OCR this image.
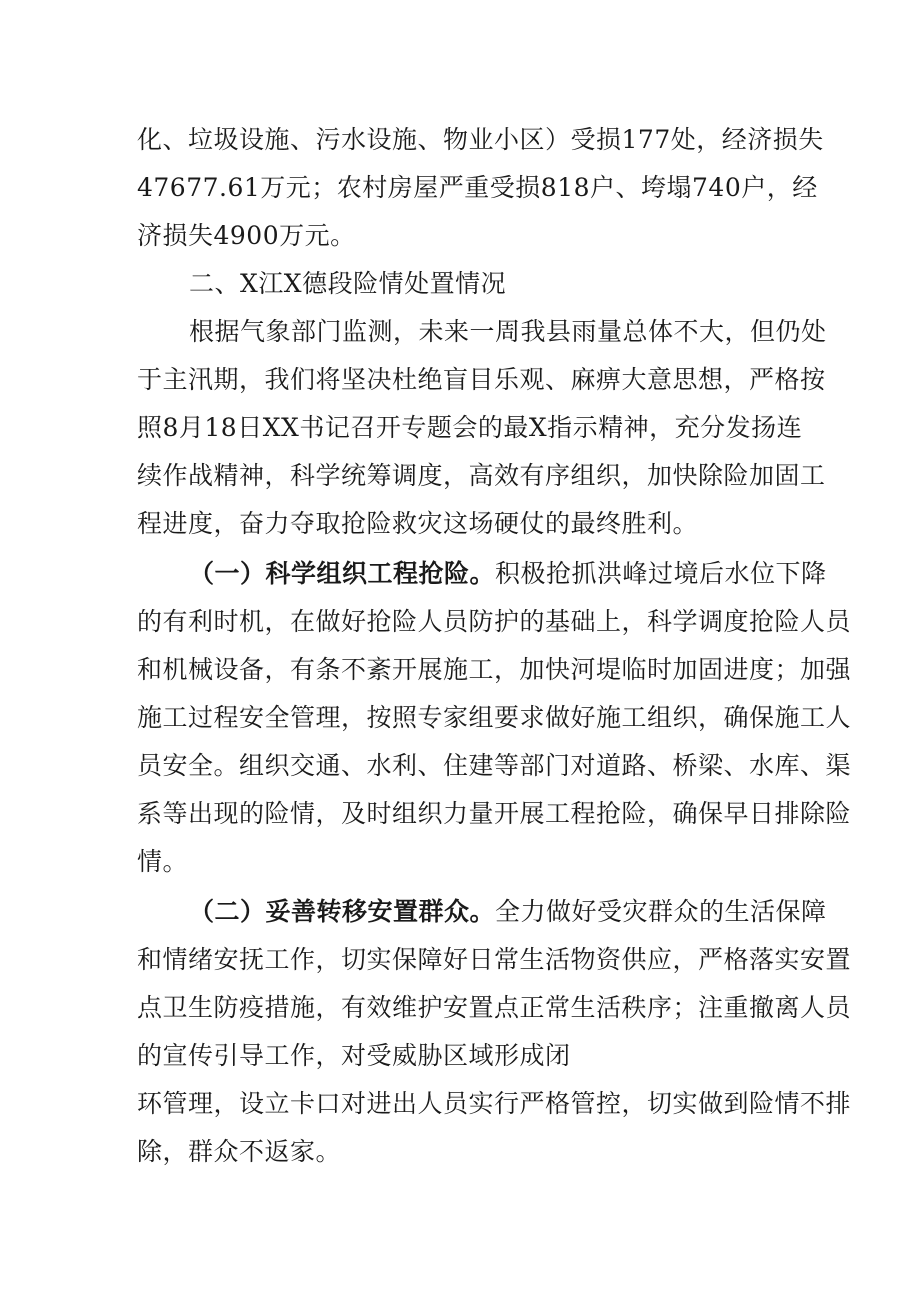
化、垃圾设施、污水设施、物业小区）受损177处，经济损失
47677.61万元；农村房屋严重受损818户、垮塌740户，经
济损失4900万元。
二、X江X德段险情处置情况
根据气象部门监测，未来一周我县雨量总体不大，但仍处
于主汛期，我们将坚决杜绝盲目乐观、麻痹大意思想，严格按
照8月18日XX书记召开专题会的最X指示精神，充分发扬连
续作战精神，科学统筹调度，高效有序组织，加快除险加固工
程进度，奋力夺取抢险救灾这场硬仗的最终胜利。
（一）科学组织工程抢险。积极抢抓洪峰过境后水位下降
的有利时机，在做好抢险人员防护的基础上，科学调度抢险人员
和机械设备，有条不紊开展施工，加快河堤临时加固进度；加强
施工过程安全管理，按照专家组要求做好施工组织，确保施工人
员安全。组织交通、水利、住建等部门对道路、桥梁、水库、渠
系等出现的险情，及时组织力量开展工程抢险，确保早日排除险
情。
（二）妥善转移安置群众。全力做好受灾群众的生活保障
和情绪安抚工作，切实保障好日常生活物资供应，严格落实安置
点卫生防疫措施，有效维护安置点正常生活秩序；注重撤离人员
的宣传引导工作，对受威胁区域形成闭
环管理，设立卡口对进出人员实行严格管控，切实做到险情不排
除，群众不返家。
